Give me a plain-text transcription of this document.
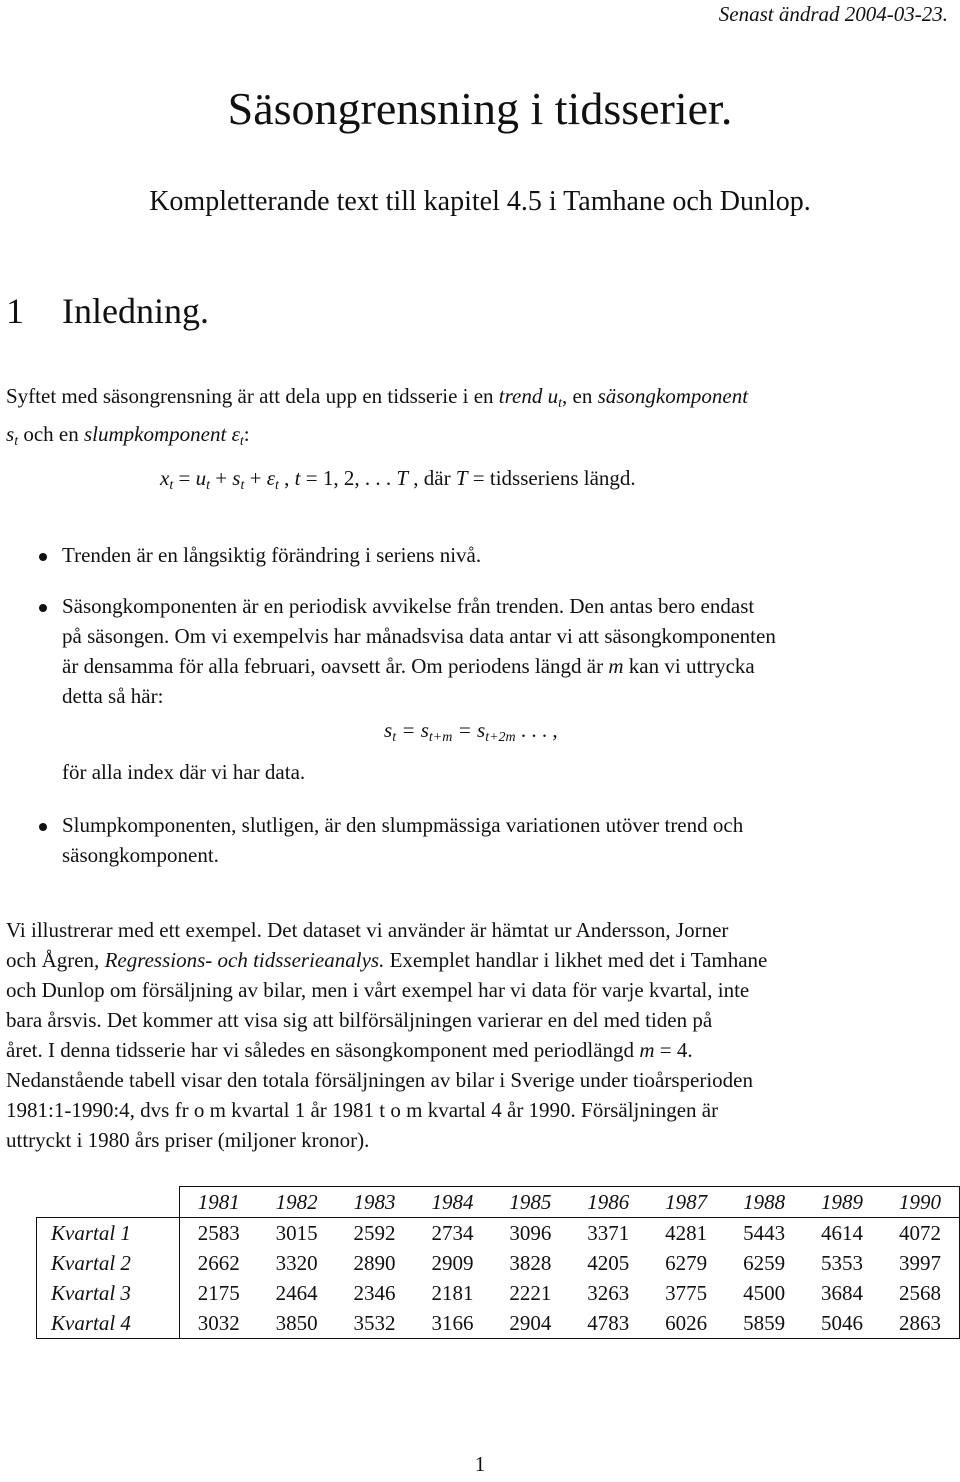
Senast ändrad 2004-03-23.
Säsongrensning i tidsserier.
Kompletterande text till kapitel 4.5 i Tamhane och Dunlop.
1 Inledning.
Syftet med säsongrensning är att dela upp en tidsserie i en trend $u_t$, en säsongkomponent
$s_t$ och en slumpkomponent $\varepsilon_t$:
$x_t = u_t + s_t + \varepsilon_t$ , t = 1, 2, . . . T , där T = tidsseriens längd.
Trenden är en långsiktig förändring i seriens nivå.
Säsongkomponenten är en periodisk avvikelse från trenden. Den antas bero endast
på säsongen. Om vi exempelvis har månadsvisa data antar vi att säsongkomponenten
är densamma för alla februari, oavsett år. Om periodens längd är m kan vi uttrycka
detta så här:
$s_t = s_{t+m} = s_{t+2m}$ . . . ,
för alla index där vi har data.
Slumpkomponenten, slutligen, är den slumpmässiga variationen utöver trend och
säsongkomponent.
Vi illustrerar med ett exempel. Det dataset vi använder är hämtat ur Andersson, Jorner
och Ågren, Regressions- och tidsserieanalys. Exemplet handlar i likhet med det i Tamhane
och Dunlop om försäljning av bilar, men i vårt exempel har vi data för varje kvartal, inte
bara årsvis. Det kommer att visa sig att bilförsäljningen varierar en del med tiden på
året. I denna tidsserie har vi således en säsongkomponent med periodlängd m = 4.
Nedanstående tabell visar den totala försäljningen av bilar i Sverige under tioårsperioden
1981:1-1990:4, dvs fr o m kvartal 1 år 1981 t o m kvartal 4 år 1990. Försäljningen är
uttryckt i 1980 års priser (miljoner kronor).
	1981	1982	1983	1984	1985	1986	1987	1988	1989	1990
Kvartal 1	2583	3015	2592	2734	3096	3371	4281	5443	4614	4072
Kvartal 2	2662	3320	2890	2909	3828	4205	6279	6259	5353	3997
Kvartal 3	2175	2464	2346	2181	2221	3263	3775	4500	3684	2568
Kvartal 4	3032	3850	3532	3166	2904	4783	6026	5859	5046	2863
1
